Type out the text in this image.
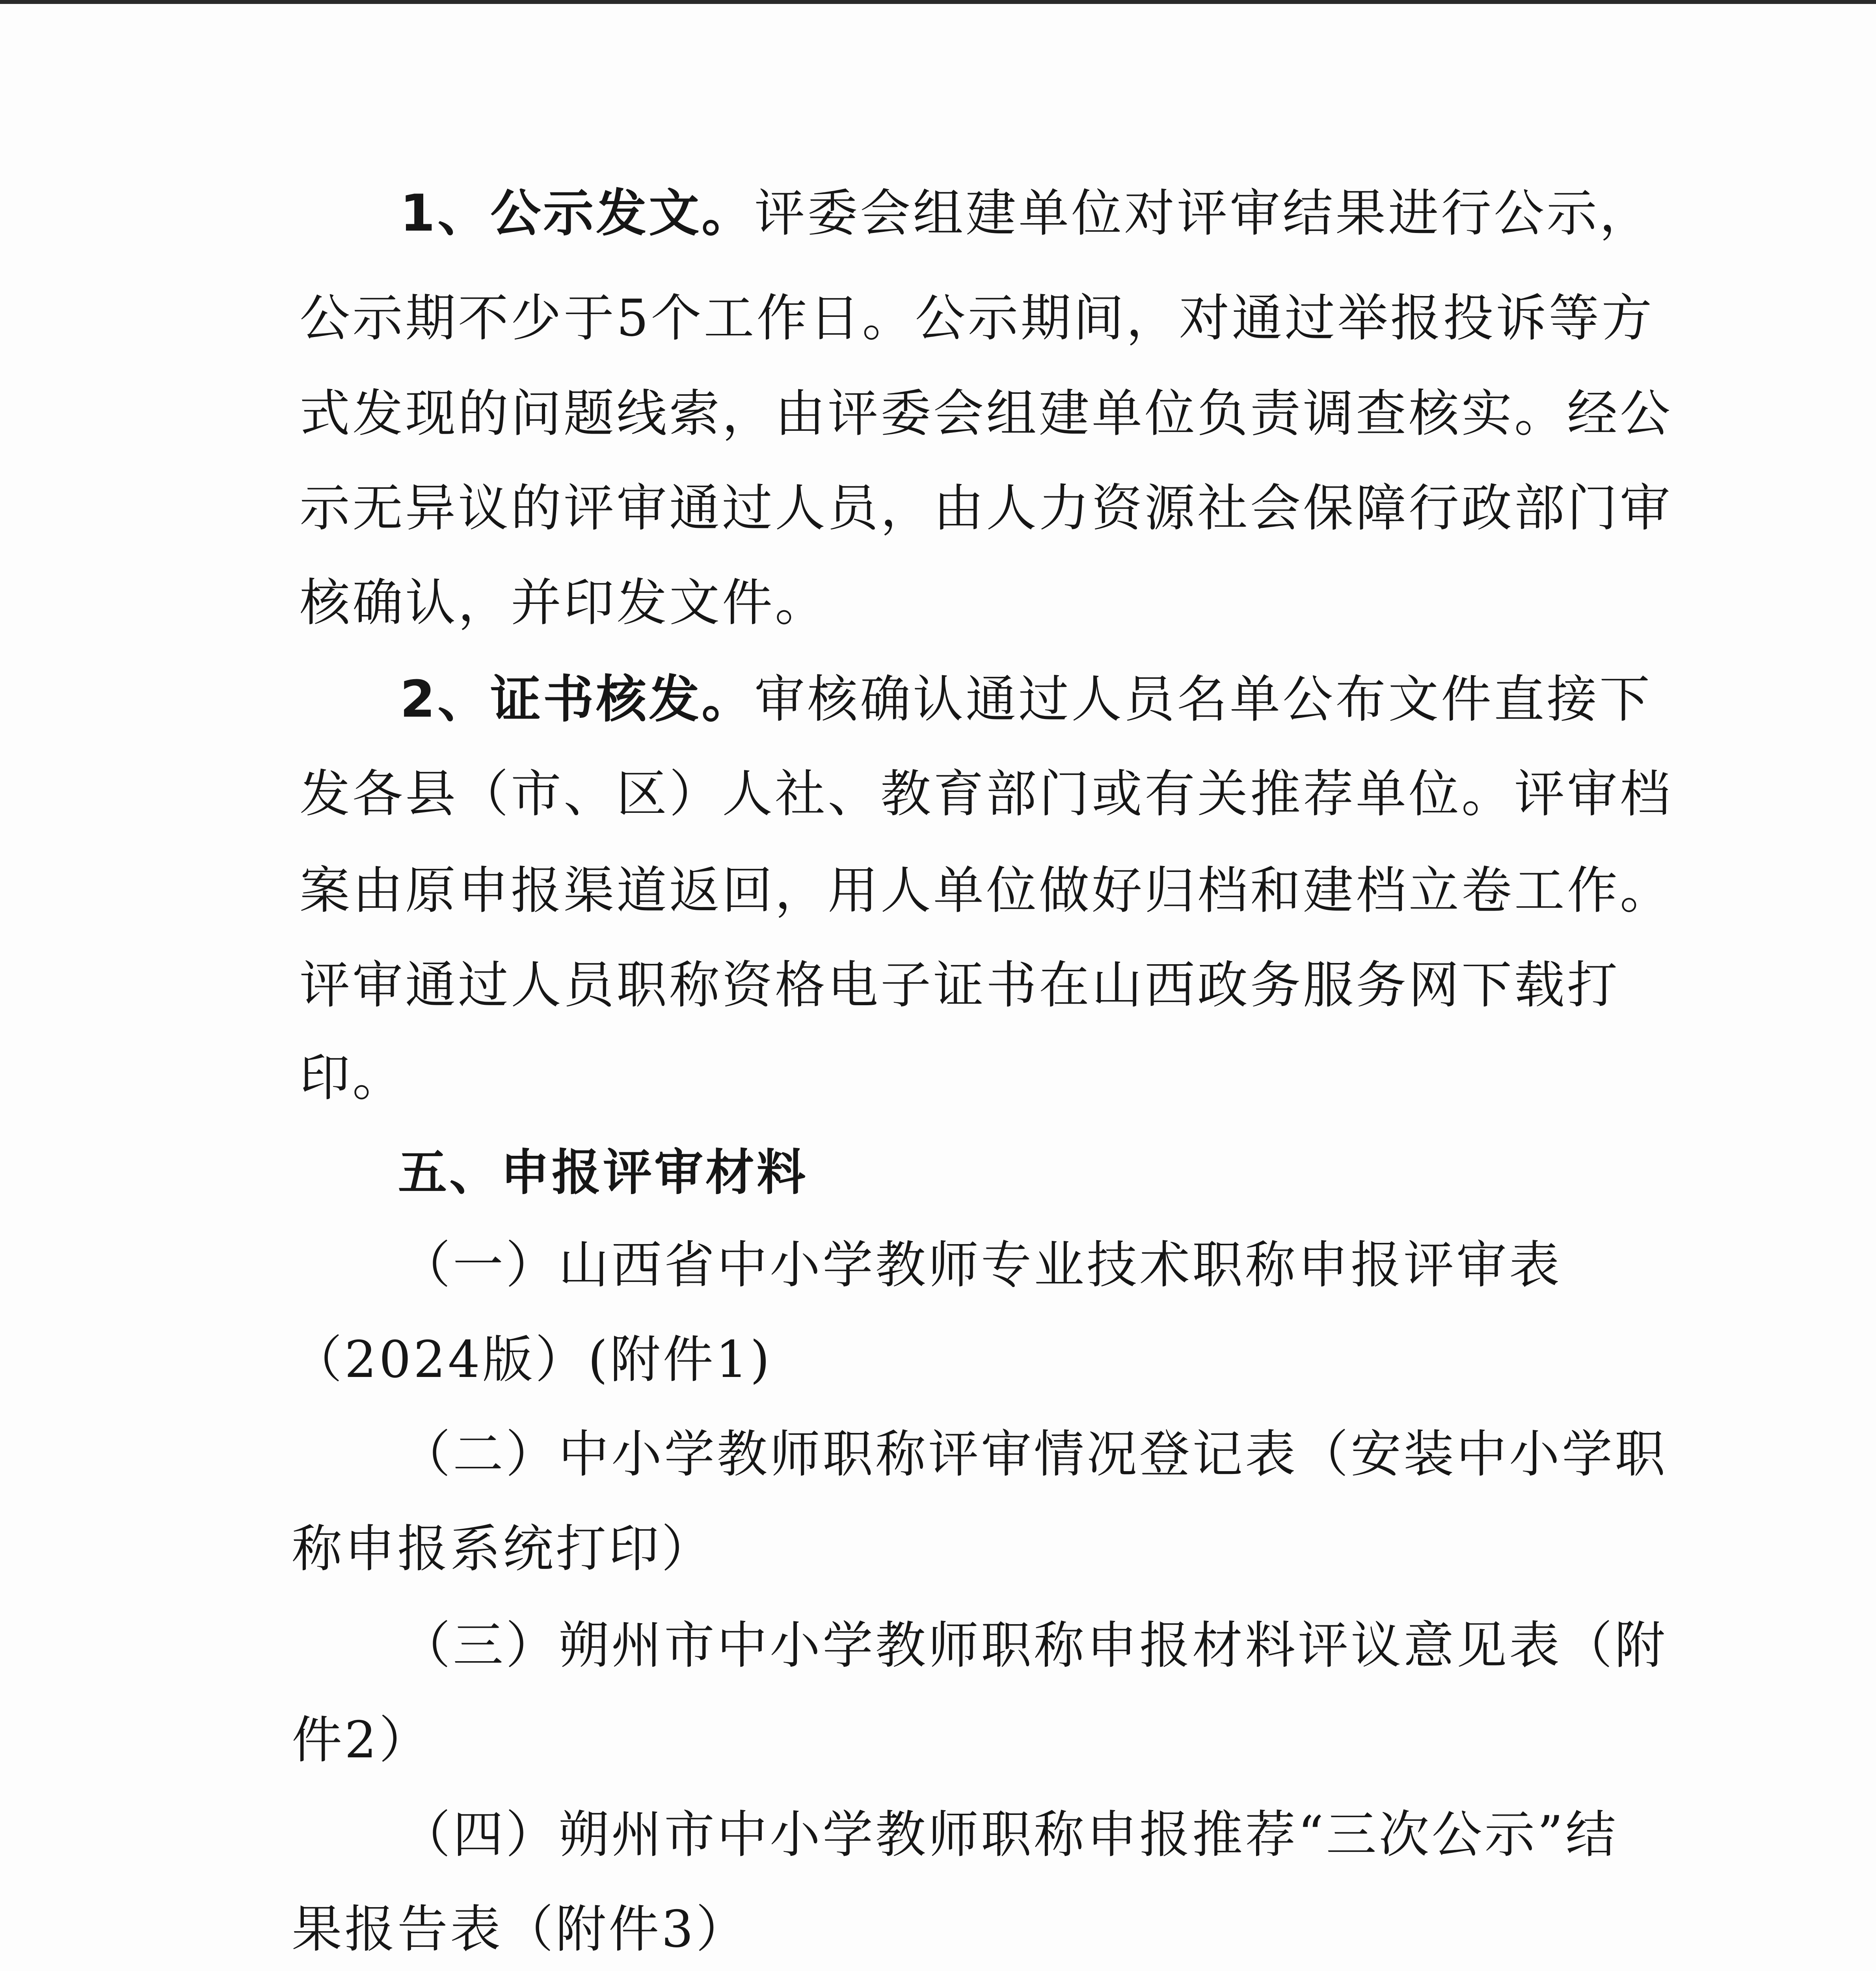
1、公示发文。评委会组建单位对评审结果进行公示，
公示期不少于5个工作日。公示期间，对通过举报投诉等方
式发现的问题线索，由评委会组建单位负责调查核实。经公
示无异议的评审通过人员，由人力资源社会保障行政部门审
核确认，并印发文件。
2、证书核发。审核确认通过人员名单公布文件直接下
发各县（市、区）人社、教育部门或有关推荐单位。评审档
案由原申报渠道返回，用人单位做好归档和建档立卷工作。
评审通过人员职称资格电子证书在山西政务服务网下载打
印。
五、申报评审材料
（一）山西省中小学教师专业技术职称申报评审表
（2024版）(附件1)
（二）中小学教师职称评审情况登记表（安装中小学职
称申报系统打印）
（三）朔州市中小学教师职称申报材料评议意见表（附
件2）
（四）朔州市中小学教师职称申报推荐“三次公示”结
果报告表（附件3）
